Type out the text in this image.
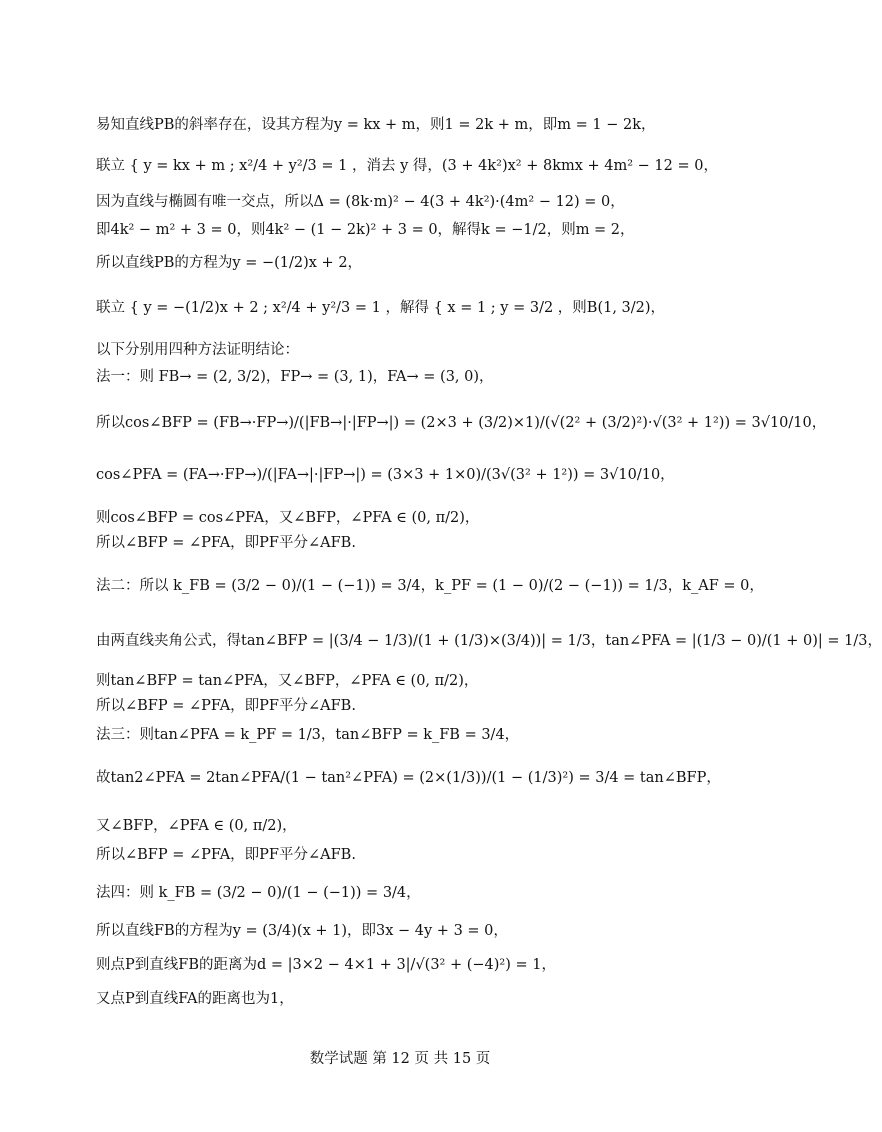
易知直线PB的斜率存在，设其方程为y = kx + m，则1 = 2k + m，即m = 1 − 2k，
联立 { y = kx + m ; x²/4 + y²/3 = 1 ，消去 y 得，(3 + 4k²)x² + 8kmx + 4m² − 12 = 0，
因为直线与椭圆有唯一交点，所以Δ = (8k·m)² − 4(3 + 4k²)·(4m² − 12) = 0，
即4k² − m² + 3 = 0，则4k² − (1 − 2k)² + 3 = 0，解得k = −1/2，则m = 2，
所以直线PB的方程为y = −(1/2)x + 2，
联立 { y = −(1/2)x + 2 ; x²/4 + y²/3 = 1 ，解得 { x = 1 ; y = 3/2 ，则B(1, 3/2)，
以下分别用四种方法证明结论：
法一：则 FB→ = (2, 3/2)，FP→ = (3, 1)，FA→ = (3, 0)，
所以cos∠BFP = (FB→·FP→)/(|FB→|·|FP→|) = (2×3 + (3/2)×1)/(√(2² + (3/2)²)·√(3² + 1²)) = 3√10/10，
cos∠PFA = (FA→·FP→)/(|FA→|·|FP→|) = (3×3 + 1×0)/(3√(3² + 1²)) = 3√10/10，
则cos∠BFP = cos∠PFA，又∠BFP，∠PFA ∈ (0, π/2)，
所以∠BFP = ∠PFA，即PF平分∠AFB.
法二：所以 k_FB = (3/2 − 0)/(1 − (−1)) = 3/4，k_PF = (1 − 0)/(2 − (−1)) = 1/3，k_AF = 0，
由两直线夹角公式，得tan∠BFP = |(3/4 − 1/3)/(1 + (1/3)×(3/4))| = 1/3，tan∠PFA = |(1/3 − 0)/(1 + 0)| = 1/3，
则tan∠BFP = tan∠PFA，又∠BFP，∠PFA ∈ (0, π/2)，
所以∠BFP = ∠PFA，即PF平分∠AFB.
法三：则tan∠PFA = k_PF = 1/3，tan∠BFP = k_FB = 3/4，
故tan2∠PFA = 2tan∠PFA/(1 − tan²∠PFA) = (2×(1/3))/(1 − (1/3)²) = 3/4 = tan∠BFP，
又∠BFP，∠PFA ∈ (0, π/2)，
所以∠BFP = ∠PFA，即PF平分∠AFB.
法四：则 k_FB = (3/2 − 0)/(1 − (−1)) = 3/4，
所以直线FB的方程为y = (3/4)(x + 1)，即3x − 4y + 3 = 0，
则点P到直线FB的距离为d = |3×2 − 4×1 + 3|/√(3² + (−4)²) = 1，
又点P到直线FA的距离也为1，
数学试题 第 12 页 共 15 页
